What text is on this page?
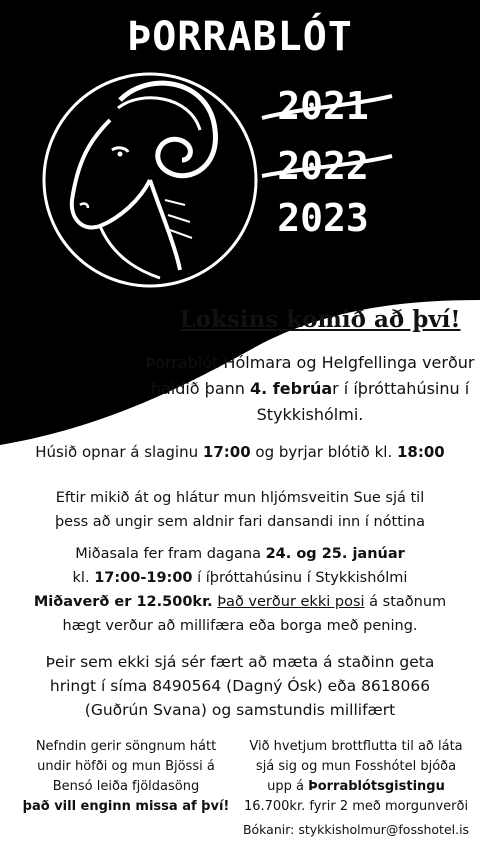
ÞORRABLÓT
2021
2022
2023
Loksins komið að því!
Þorrablót Hólmara og Helgfellinga verður
haldið þann 4. febrúar í íþróttahúsinu í
Stykkishólmi.
Húsið opnar á slaginu 17:00 og byrjar blótið kl. 18:00
Eftir mikið át og hlátur mun hljómsveitin Sue sjá til
þess að ungir sem aldnir fari dansandi inn í nóttina
Miðasala fer fram dagana 24. og 25. janúar
kl. 17:00-19:00 í íþróttahúsinu í Stykkishólmi
Miðaverð er 12.500kr. Það verður ekki posi á staðnum
hægt verður að millifæra eða borga með pening.
Þeir sem ekki sjá sér fært að mæta á staðinn geta
hringt í síma 8490564 (Dagný Ósk) eða 8618066
(Guðrún Svana) og samstundis millifært
Nefndin gerir söngnum hátt
undir höfði og mun Bjössi á
Bensó leiða fjöldasöng
það vill enginn missa af því!
Við hvetjum brottflutta til að láta
sjá sig og mun Fosshótel bjóða
upp á Þorrablótsgistingu
16.700kr. fyrir 2 með morgunverði
Bókanir: stykkisholmur@fosshotel.is
